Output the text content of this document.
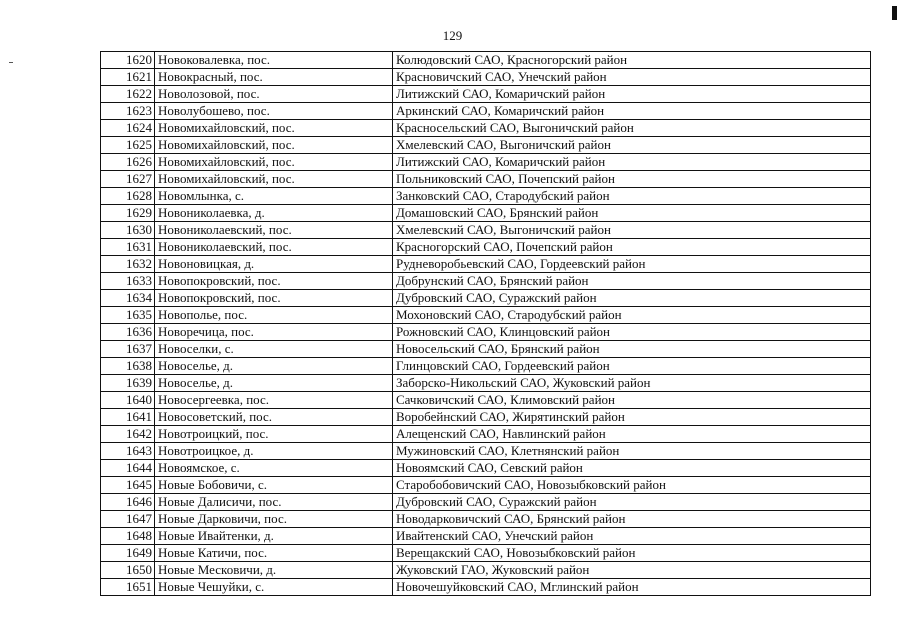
129
1620	Новоковалевка, пос.	Колюдовский САО, Красногорский район
1621	Новокрасный, пос.	Красновичский САО, Унечский район
1622	Новолозовой, пос.	Литижский САО, Комаричский район
1623	Новолубошево, пос.	Аркинский САО, Комаричский район
1624	Новомихайловский, пос.	Красносельский САО, Выгоничский район
1625	Новомихайловский, пос.	Хмелевский САО, Выгоничский район
1626	Новомихайловский, пос.	Литижский САО, Комаричский район
1627	Новомихайловский, пос.	Польниковский САО, Почепский район
1628	Новомлынка, с.	Занковский САО, Стародубский район
1629	Новониколаевка, д.	Домашовский САО, Брянский район
1630	Новониколаевский, пос.	Хмелевский САО, Выгоничский район
1631	Новониколаевский, пос.	Красногорский САО, Почепский район
1632	Новоновицкая, д.	Рудневоробьевский САО, Гордеевский район
1633	Новопокровский, пос.	Добрунский САО, Брянский район
1634	Новопокровский, пос.	Дубровский САО, Суражский район
1635	Новополье, пос.	Мохоновский САО, Стародубский район
1636	Новоречица, пос.	Рожновский САО, Клинцовский район
1637	Новоселки, с.	Новосельский САО, Брянский район
1638	Новоселье, д.	Глинцовский САО, Гордеевский район
1639	Новоселье, д.	Заборско-Никольский САО, Жуковский район
1640	Новосергеевка, пос.	Сачковичский САО, Климовский район
1641	Новосоветский, пос.	Воробейнский САО, Жирятинский район
1642	Новотроицкий, пос.	Алещенский САО, Навлинский район
1643	Новотроицкое, д.	Мужиновский САО, Клетнянский район
1644	Новоямское, с.	Новоямский САО, Севский район
1645	Новые Бобовичи, с.	Старобобовичский САО, Новозыбковский район
1646	Новые Далисичи, пос.	Дубровский САО, Суражский район
1647	Новые Дарковичи, пос.	Новодарковичский САО, Брянский район
1648	Новые Ивайтенки, д.	Ивайтенский САО, Унечский район
1649	Новые Катичи, пос.	Верещакский САО, Новозыбковский район
1650	Новые Месковичи, д.	Жуковский ГАО, Жуковский район
1651	Новые Чешуйки, с.	Новочешуйковский САО, Мглинский район
